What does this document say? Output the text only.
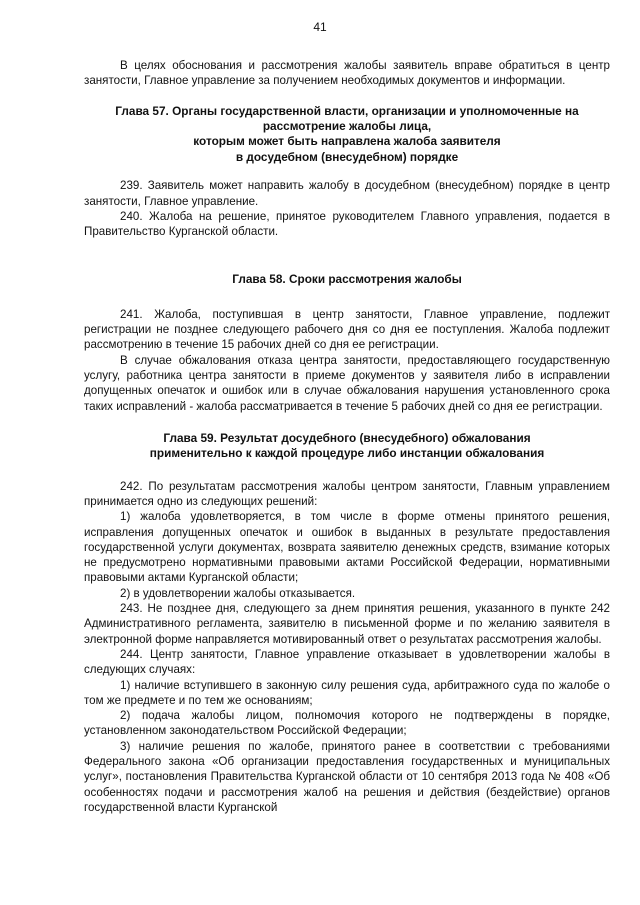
41

В целях обоснования и рассмотрения жалобы заявитель вправе обратиться в центр занятости, Главное управление за получением необходимых документов и информации.

Глава 57. Органы государственной власти, организации и уполномоченные на
рассмотрение жалобы лица,
которым может быть направлена жалоба заявителя
в досудебном (внесудебном) порядке

239. Заявитель может направить жалобу в досудебном (внесудебном) порядке в центр занятости, Главное управление.

240. Жалоба на решение, принятое руководителем Главного управления, подается в Правительство Курганской области.

Глава 58. Сроки рассмотрения жалобы

241. Жалоба, поступившая в центр занятости, Главное управление, подлежит регистрации не позднее следующего рабочего дня со дня ее поступления. Жалоба подлежит рассмотрению в течение 15 рабочих дней со дня ее регистрации.

В случае обжалования отказа центра занятости, предоставляющего государственную услугу, работника центра занятости в приеме документов у заявителя либо в исправлении допущенных опечаток и ошибок или в случае обжалования нарушения установленного срока таких исправлений - жалоба рассматривается в течение 5 рабочих дней со дня ее регистрации.

Глава 59. Результат досудебного (внесудебного) обжалования
применительно к каждой процедуре либо инстанции обжалования

242. По результатам рассмотрения жалобы центром занятости, Главным управлением принимается одно из следующих решений:

1) жалоба удовлетворяется, в том числе в форме отмены принятого решения, исправления допущенных опечаток и ошибок в выданных в результате предоставления государственной услуги документах, возврата заявителю денежных средств, взимание которых не предусмотрено нормативными правовыми актами Российской Федерации, нормативными правовыми актами Курганской области;

2) в удовлетворении жалобы отказывается.

243. Не позднее дня, следующего за днем принятия решения, указанного в пункте 242 Административного регламента, заявителю в письменной форме и по желанию заявителя в электронной форме направляется мотивированный ответ о результатах рассмотрения жалобы.

244. Центр занятости, Главное управление отказывает в удовлетворении жалобы в следующих случаях:

1) наличие вступившего в законную силу решения суда, арбитражного суда по жалобе о том же предмете и по тем же основаниям;

2) подача жалобы лицом, полномочия которого не подтверждены в порядке, установленном законодательством Российской Федерации;

3) наличие решения по жалобе, принятого ранее в соответствии с требованиями Федерального закона «Об организации предоставления государственных и муниципальных услуг», постановления Правительства Курганской области от 10 сентября 2013 года № 408 «Об особенностях подачи и рассмотрения жалоб на решения и действия (бездействие) органов государственной власти Курганской
